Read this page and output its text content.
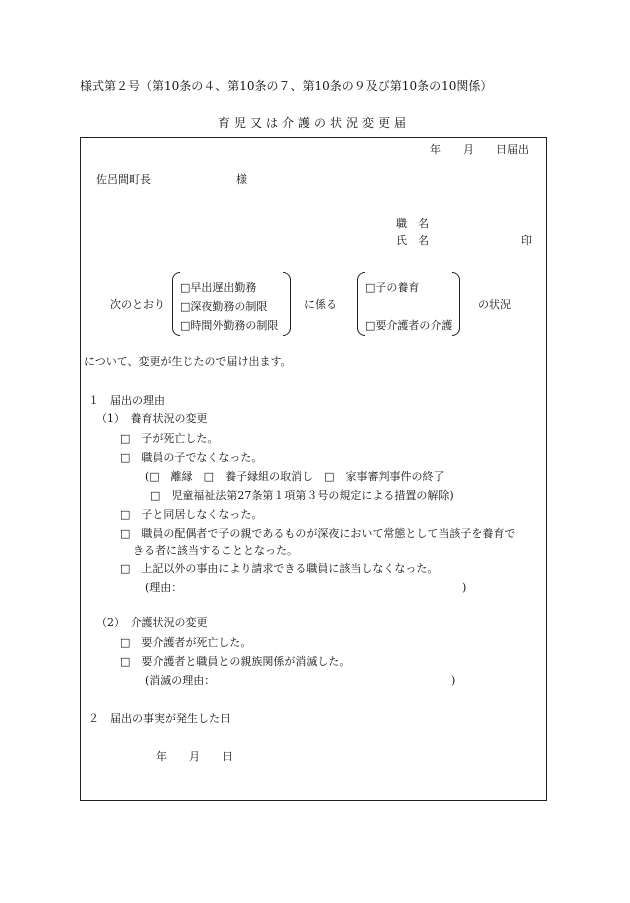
様式第２号（第10条の４、第10条の７、第10条の９及び第10条の10関係）
育児又は介護の状況変更届
年　　月　　日届出
佐呂間町長	様
職　名
氏　名	印
次のとおり
□早出遅出勤務
□深夜勤務の制限
□時間外勤務の制限
に係る
□子の養育
□要介護者の介護
の状況
について、変更が生じたので届け出ます。
１　届出の理由
（1）　養育状況の変更
□　子が死亡した。
□　職員の子でなくなった。
(□　離縁　□　養子縁組の取消し　□　家事審判事件の終了
□　児童福祉法第27条第１項第３号の規定による措置の解除)
□　子と同居しなくなった。
□　職員の配偶者で子の親であるものが深夜において常態として当該子を養育で
きる者に該当することとなった。
□　上記以外の事由により請求できる職員に該当しなくなった。
(理由：	)
（2）　介護状況の変更
□　要介護者が死亡した。
□　要介護者と職員との親族関係が消滅した。
(消滅の理由：	)
２　届出の事実が発生した日
年　　月　　日
